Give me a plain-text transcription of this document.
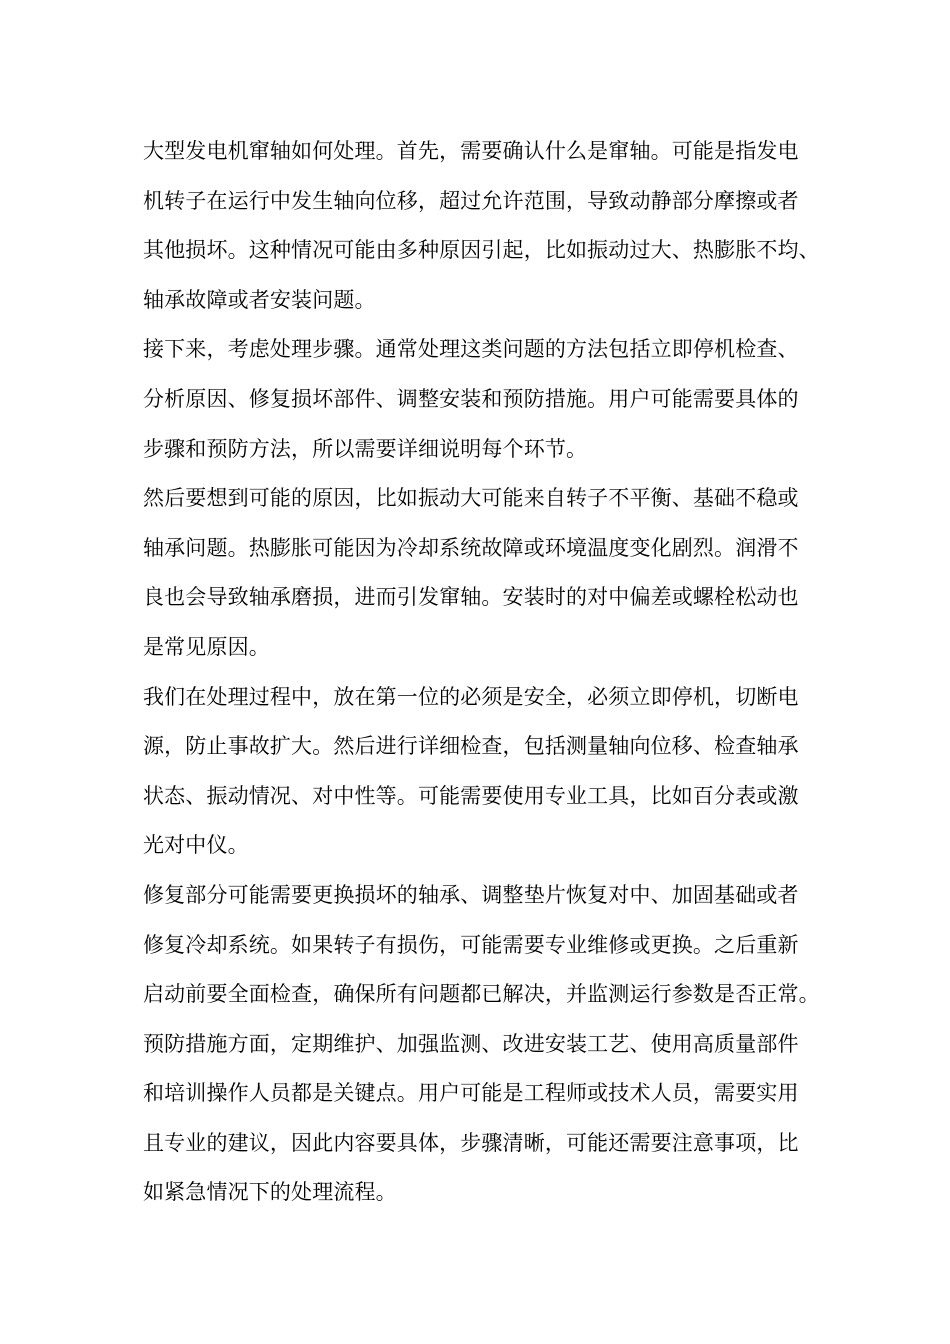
大型发电机窜轴如何处理。首先，需要确认什么是窜轴。可能是指发电
机转子在运行中发生轴向位移，超过允许范围，导致动静部分摩擦或者
其他损坏。这种情况可能由多种原因引起，比如振动过大、热膨胀不均、
轴承故障或者安装问题。

接下来，考虑处理步骤。通常处理这类问题的方法包括立即停机检查、
分析原因、修复损坏部件、调整安装和预防措施。用户可能需要具体的
步骤和预防方法，所以需要详细说明每个环节。

然后要想到可能的原因，比如振动大可能来自转子不平衡、基础不稳或
轴承问题。热膨胀可能因为冷却系统故障或环境温度变化剧烈。润滑不
良也会导致轴承磨损，进而引发窜轴。安装时的对中偏差或螺栓松动也
是常见原因。

我们在处理过程中，放在第一位的必须是安全，必须立即停机，切断电
源，防止事故扩大。然后进行详细检查，包括测量轴向位移、检查轴承
状态、振动情况、对中性等。可能需要使用专业工具，比如百分表或激
光对中仪。

修复部分可能需要更换损坏的轴承、调整垫片恢复对中、加固基础或者
修复冷却系统。如果转子有损伤，可能需要专业维修或更换。之后重新
启动前要全面检查，确保所有问题都已解决，并监测运行参数是否正常。

预防措施方面，定期维护、加强监测、改进安装工艺、使用高质量部件
和培训操作人员都是关键点。用户可能是工程师或技术人员，需要实用
且专业的建议，因此内容要具体，步骤清晰，可能还需要注意事项，比
如紧急情况下的处理流程。
